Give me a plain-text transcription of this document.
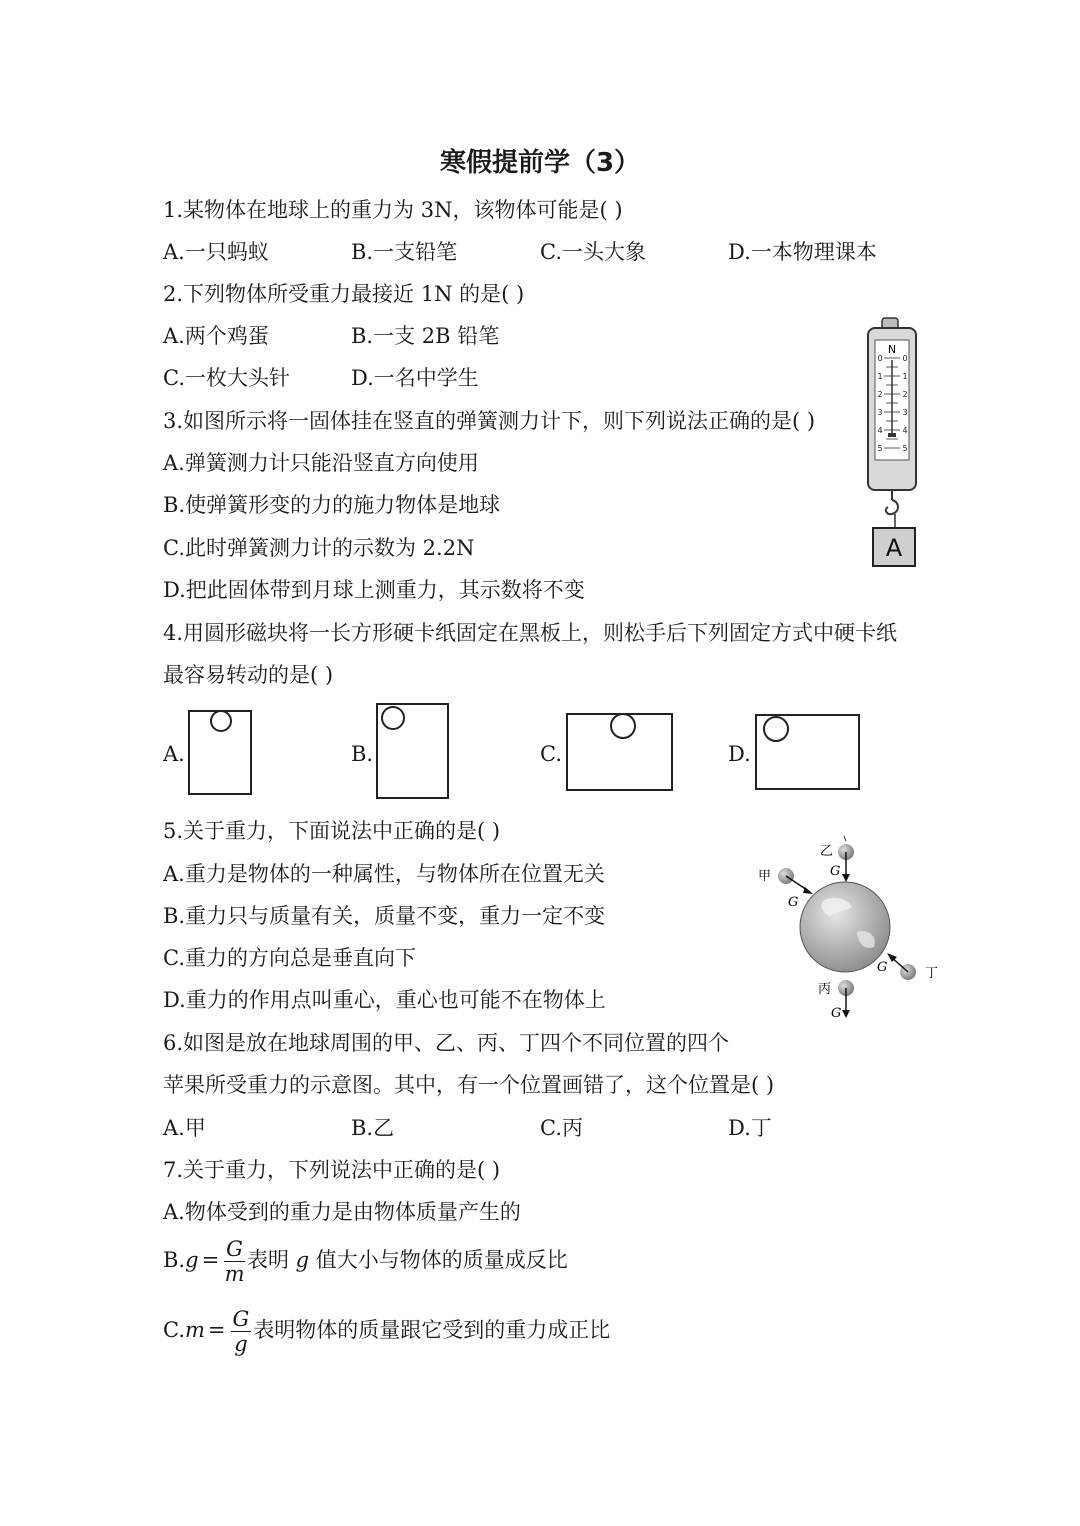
寒假提前学（3）
1.某物体在地球上的重力为 3N，该物体可能是( )
A.一只蚂蚁	B.一支铅笔	C.一头大象	D.一本物理课本
2.下列物体所受重力最接近 1N 的是( )
A.两个鸡蛋	B.一支 2B 铅笔
C.一枚大头针	D.一名中学生
N
0
1
2
3
4
5
0
1
2
3
4
5
A
3.如图所示将一固体挂在竖直的弹簧测力计下，则下列说法正确的是( )
A.弹簧测力计只能沿竖直方向使用
B.使弹簧形变的力的施力物体是地球
C.此时弹簧测力计的示数为 2.2N
D.把此固体带到月球上测重力，其示数将不变
4.用圆形磁块将一长方形硬卡纸固定在黑板上，则松手后下列固定方式中硬卡纸
最容易转动的是( )
A.	B.	C.	D.
5.关于重力，下面说法中正确的是( )
A.重力是物体的一种属性，与物体所在位置无关
B.重力只与质量有关，质量不变，重力一定不变
C.重力的方向总是垂直向下
D.重力的作用点叫重心，重心也可能不在物体上
乙
G
甲
G
丁
G
丙
G
6.如图是放在地球周围的甲、乙、丙、丁四个不同位置的四个
苹果所受重力的示意图。其中，有一个位置画错了，这个位置是( )
A.甲	B.乙	C.丙	D.丁
7.关于重力，下列说法中正确的是( )
A.物体受到的重力是由物体质量产生的
$B.g = \frac{G}{m}$ 表明 g 值大小与物体的质量成反比
$C.m = \frac{G}{g}$ 表明物体的质量跟它受到的重力成正比
